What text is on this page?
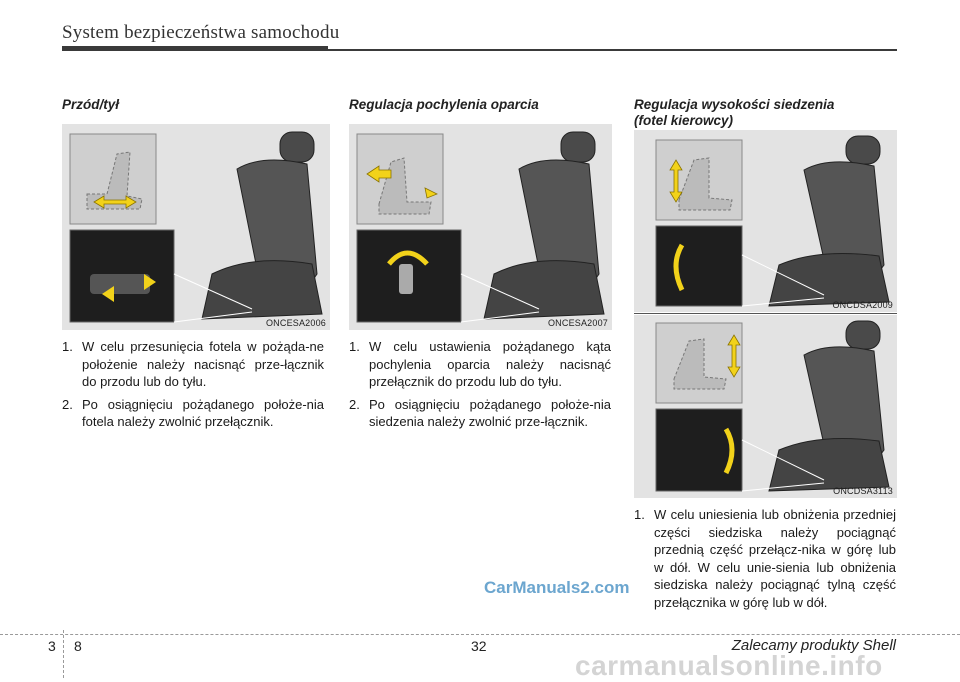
System bezpieczeństwa samochodu
Przód/tył
ONCESA2006
1. W celu przesunięcia fotela w pożąda-ne położenie należy nacisnąć prze-łącznik do przodu lub do tyłu.
2. Po osiągnięciu pożądanego położe-nia fotela należy zwolnić przełącznik.
Regulacja pochylenia oparcia
ONCESA2007
1. W celu ustawienia pożądanego kąta pochylenia oparcia należy nacisnąć przełącznik do przodu lub do tyłu.
2. Po osiągnięciu pożądanego położe-nia siedzenia należy zwolnić prze-łącznik.
Regulacja wysokości siedzenia
(fotel kierowcy)
ONCDSA2009
ONCDSA3113
1. W celu uniesienia lub obniżenia przedniej części siedziska należy pociągnąć przednią część przełącz-nika w górę lub w dół. W celu unie-sienia lub obniżenia siedziska należy pociągnąć tylną część przełącznika w górę lub w dół.
CarManuals2.com
carmanualsonline.info
3 8	32	Zalecamy produkty Shell
